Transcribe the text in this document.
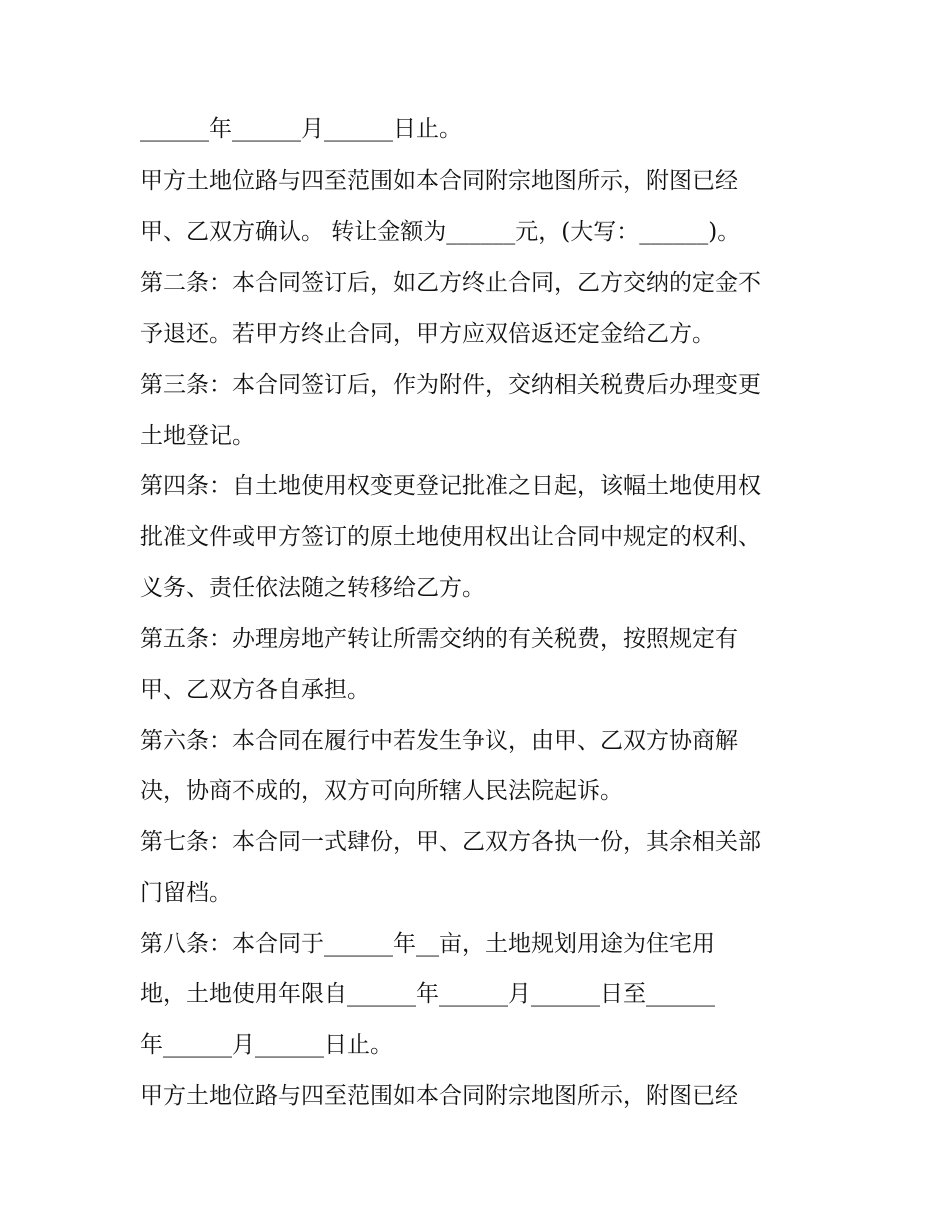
______年______月______日止。

甲方土地位路与四至范围如本合同附宗地图所示，附图已经

甲、乙双方确认。 转让金额为______元，(大写：______)。

第二条：本合同签订后，如乙方终止合同，乙方交纳的定金不

予退还。若甲方终止合同，甲方应双倍返还定金给乙方。

第三条：本合同签订后，作为附件，交纳相关税费后办理变更

土地登记。

第四条：自土地使用权变更登记批准之日起，该幅土地使用权

批准文件或甲方签订的原土地使用权出让合同中规定的权利、

义务、责任依法随之转移给乙方。

第五条：办理房地产转让所需交纳的有关税费，按照规定有

甲、乙双方各自承担。

第六条：本合同在履行中若发生争议，由甲、乙双方协商解

决，协商不成的，双方可向所辖人民法院起诉。

第七条：本合同一式肆份，甲、乙双方各执一份，其余相关部

门留档。

第八条：本合同于______年__亩，土地规划用途为住宅用

地，土地使用年限自______年______月______日至______

年______月______日止。

甲方土地位路与四至范围如本合同附宗地图所示，附图已经
